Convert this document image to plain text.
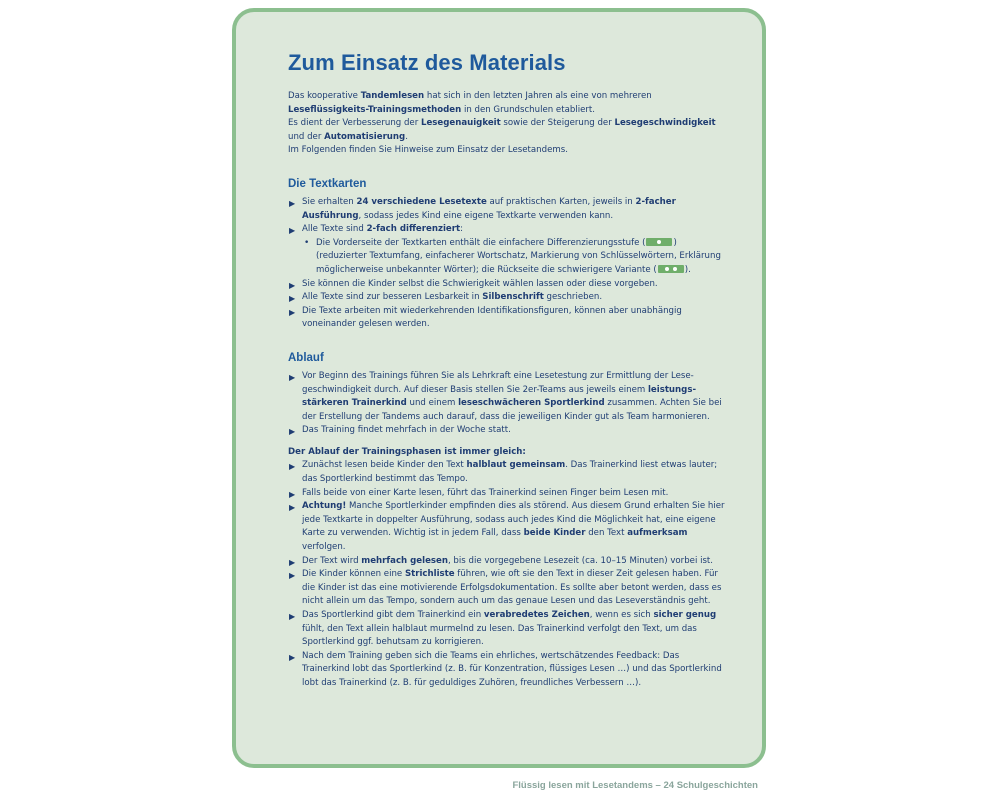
Zum Einsatz des Materials

Das kooperative Tandemlesen hat sich in den letzten Jahren als eine von mehreren Leseflüssigkeits-Trainingsmethoden in den Grundschulen etabliert.

Es dient der Verbesserung der Lesegenauigkeit sowie der Steigerung der Lesegeschwindigkeit und der Automatisierung.

Im Folgenden finden Sie Hinweise zum Einsatz der Lesetandems.

Die Textkarten
▶ Sie erhalten 24 verschiedene Lesetexte auf praktischen Karten, jeweils in 2-facher Ausführung, sodass jedes Kind eine eigene Textkarte verwenden kann.
▶ Alle Texte sind 2-fach differenziert:
• Die Vorderseite der Textkarten enthält die einfachere Differenzierungsstufe (	) (reduzierter Textumfang, einfacherer Wortschatz, Markierung von Schlüsselwörtern, Erklärung möglicherweise unbekannter Wörter); die Rückseite die schwierigere Variante (	).
▶ Sie können die Kinder selbst die Schwierigkeit wählen lassen oder diese vorgeben.
▶ Alle Texte sind zur besseren Lesbarkeit in Silbenschrift geschrieben.
▶ Die Texte arbeiten mit wiederkehrenden Identifikationsfiguren, können aber unabhängig voneinander gelesen werden.
Ablauf
▶ Vor Beginn des Trainings führen Sie als Lehrkraft eine Lesetestung zur Ermittlung der Lesegeschwindigkeit durch. Auf dieser Basis stellen Sie 2er-Teams aus jeweils einem leistungsstärkeren Trainerkind und einem leseschwächeren Sportlerkind zusammen. Achten Sie bei der Erstellung der Tandems auch darauf, dass die jeweiligen Kinder gut als Team harmonieren.
▶ Das Training findet mehrfach in der Woche statt.

Der Ablauf der Trainingsphasen ist immer gleich:

▶ Zunächst lesen beide Kinder den Text halblaut gemeinsam. Das Trainerkind liest etwas lauter; das Sportlerkind bestimmt das Tempo.
▶ Falls beide von einer Karte lesen, führt das Trainerkind seinen Finger beim Lesen mit.
▶ Achtung! Manche Sportlerkinder empfinden dies als störend. Aus diesem Grund erhalten Sie hier jede Textkarte in doppelter Ausführung, sodass auch jedes Kind die Möglichkeit hat, eine eigene Karte zu verwenden. Wichtig ist in jedem Fall, dass beide Kinder den Text aufmerksam verfolgen.
▶ Der Text wird mehrfach gelesen, bis die vorgegebene Lesezeit (ca. 10–15 Minuten) vorbei ist.
▶ Die Kinder können eine Strichliste führen, wie oft sie den Text in dieser Zeit gelesen haben. Für die Kinder ist das eine motivierende Erfolgsdokumentation. Es sollte aber betont werden, dass es nicht allein um das Tempo, sondern auch um das genaue Lesen und das Leseverständnis geht.
▶ Das Sportlerkind gibt dem Trainerkind ein verabredetes Zeichen, wenn es sich sicher genug fühlt, den Text allein halblaut murmelnd zu lesen. Das Trainerkind verfolgt den Text, um das Sportlerkind ggf. behutsam zu korrigieren.
▶ Nach dem Training geben sich die Teams ein ehrliches, wertschätzendes Feedback: Das Trainerkind lobt das Sportlerkind (z. B. für Konzentration, flüssiges Lesen …) und das Sportlerkind lobt das Trainerkind (z. B. für geduldiges Zuhören, freundliches Verbessern …).
Flüssig lesen mit Lesetandems – 24 Schulgeschichten
